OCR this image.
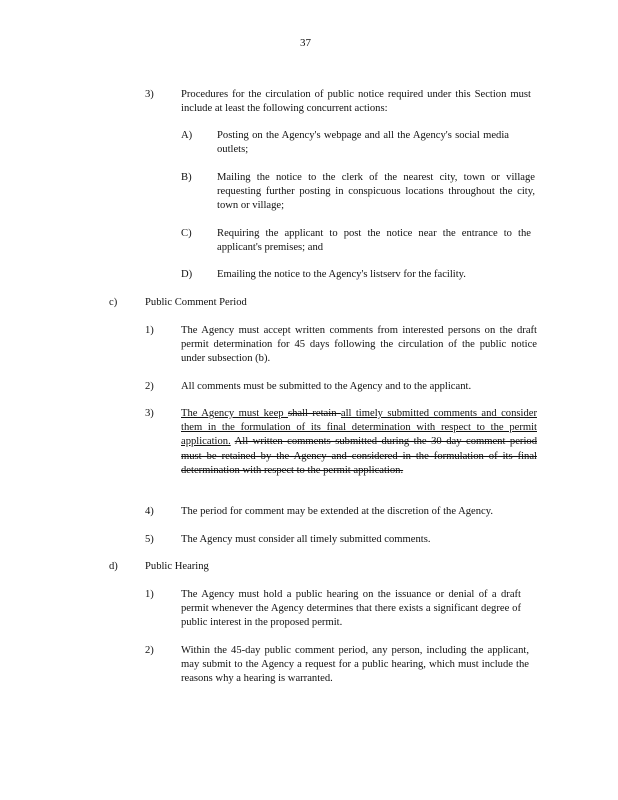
37
3)	Procedures for the circulation of public notice required under this Section must include at least the following concurrent actions:
A) Posting on the Agency's webpage and all the Agency's social media outlets;
B) Mailing the notice to the clerk of the nearest city, town or village requesting further posting in conspicuous locations throughout the city, town or village;
C) Requiring the applicant to post the notice near the entrance to the applicant's premises; and
D) Emailing the notice to the Agency's listserv for the facility.
c)	Public Comment Period
1)	The Agency must accept written comments from interested persons on the draft permit determination for 45 days following the circulation of the public notice under subsection (b).
2)	All comments must be submitted to the Agency and to the applicant.
3)	The Agency must keep shall retain all timely submitted comments and consider them in the formulation of its final determination with respect to the permit application. All written comments submitted during the 30 day comment period must be retained by the Agency and considered in the formulation of its final determination with respect to the permit application.
4)	The period for comment may be extended at the discretion of the Agency.
5)	The Agency must consider all timely submitted comments.
d)	Public Hearing
1)	The Agency must hold a public hearing on the issuance or denial of a draft permit whenever the Agency determines that there exists a significant degree of public interest in the proposed permit.
2)	Within the 45-day public comment period, any person, including the applicant, may submit to the Agency a request for a public hearing, which must include the reasons why a hearing is warranted.
